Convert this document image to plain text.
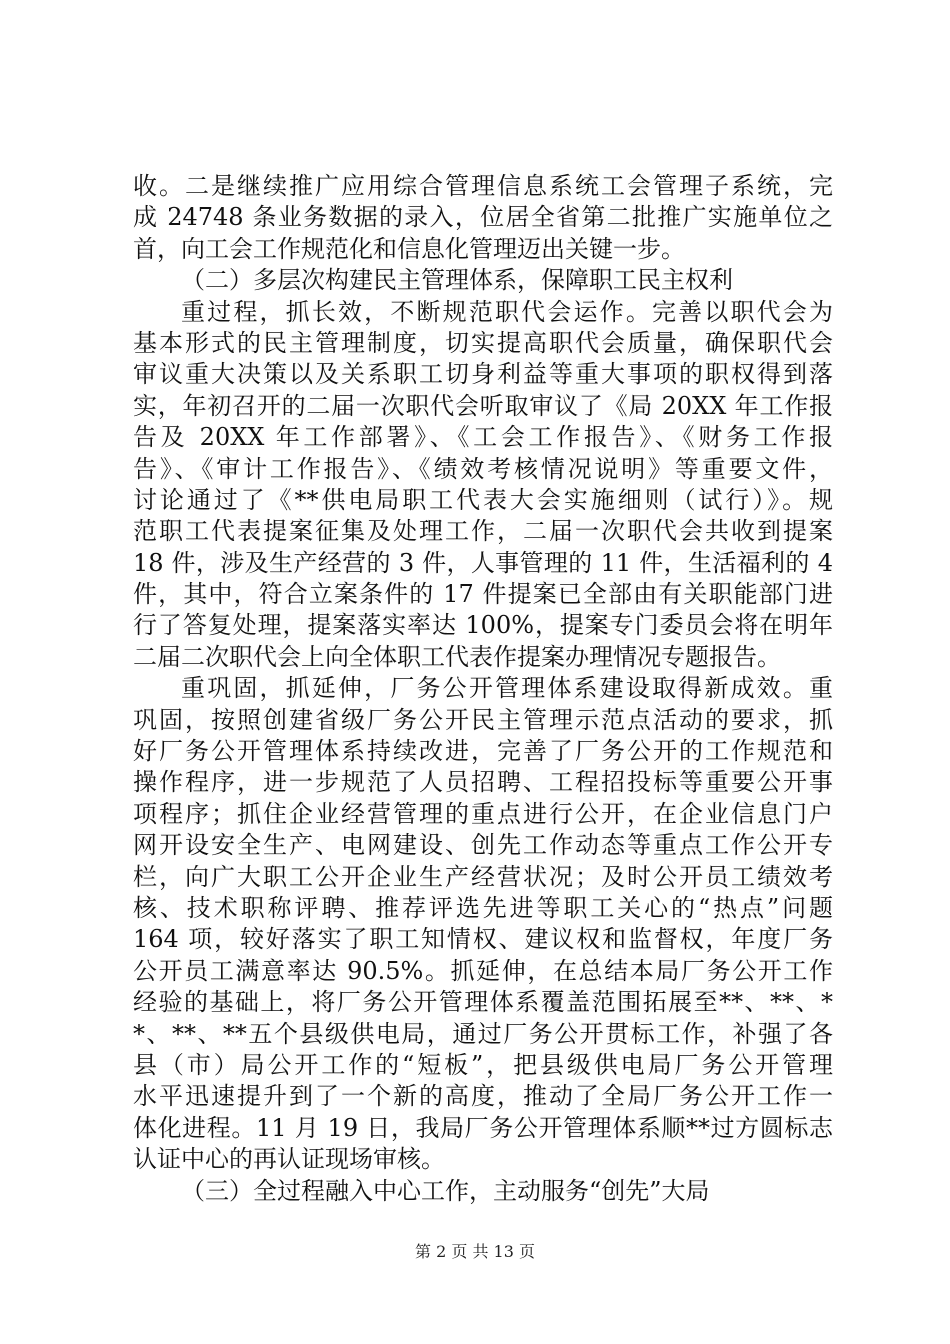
收。二是继续推广应用综合管理信息系统工会管理子系统，完
成 24748 条业务数据的录入，位居全省第二批推广实施单位之
首，向工会工作规范化和信息化管理迈出关键一步。
（二）多层次构建民主管理体系，保障职工民主权利
重过程，抓长效，不断规范职代会运作。完善以职代会为
基本形式的民主管理制度，切实提高职代会质量，确保职代会
审议重大决策以及关系职工切身利益等重大事项的职权得到落
实，年初召开的二届一次职代会听取审议了《局 20XX 年工作报
告及 20XX 年工作部署》、《工会工作报告》、《财务工作报
告》、《审计工作报告》、《绩效考核情况说明》等重要文件，
讨论通过了《**供电局职工代表大会实施细则（试行）》。规
范职工代表提案征集及处理工作，二届一次职代会共收到提案
18 件，涉及生产经营的 3 件，人事管理的 11 件，生活福利的 4
件，其中，符合立案条件的 17 件提案已全部由有关职能部门进
行了答复处理，提案落实率达 100%，提案专门委员会将在明年
二届二次职代会上向全体职工代表作提案办理情况专题报告。
重巩固，抓延伸，厂务公开管理体系建设取得新成效。重
巩固，按照创建省级厂务公开民主管理示范点活动的要求，抓
好厂务公开管理体系持续改进，完善了厂务公开的工作规范和
操作程序，进一步规范了人员招聘、工程招投标等重要公开事
项程序；抓住企业经营管理的重点进行公开，在企业信息门户
网开设安全生产、电网建设、创先工作动态等重点工作公开专
栏，向广大职工公开企业生产经营状况；及时公开员工绩效考
核、技术职称评聘、推荐评选先进等职工关心的“热点”问题
164 项，较好落实了职工知情权、建议权和监督权，年度厂务
公开员工满意率达 90.5%。抓延伸，在总结本局厂务公开工作
经验的基础上，将厂务公开管理体系覆盖范围拓展至**、**、*
*、**、**五个县级供电局，通过厂务公开贯标工作，补强了各
县（市）局公开工作的“短板”，把县级供电局厂务公开管理
水平迅速提升到了一个新的高度，推动了全局厂务公开工作一
体化进程。11 月 19 日，我局厂务公开管理体系顺**过方圆标志
认证中心的再认证现场审核。
（三）全过程融入中心工作，主动服务“创先”大局
第 2 页 共 13 页
